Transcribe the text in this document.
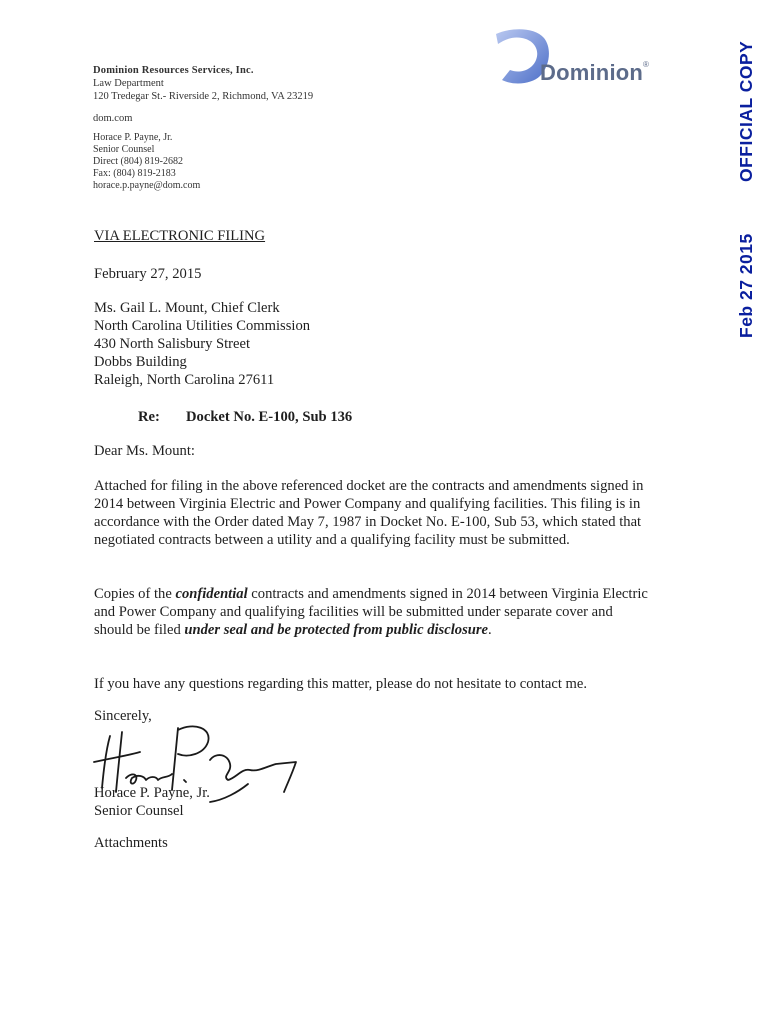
Dominion Resources Services, Inc.
Law Department
120 Tredegar St.- Riverside 2, Richmond, VA 23219
dom.com
Horace P. Payne, Jr.
Senior Counsel
Direct (804) 819-2682
Fax: (804) 819-2183
horace.p.payne@dom.com
Dominion®	OFFICIAL COPY
Feb 27 2015
VIA ELECTRONIC FILING
February 27, 2015
Ms. Gail L. Mount, Chief Clerk
North Carolina Utilities Commission
430 North Salisbury Street
Dobbs Building
Raleigh, North Carolina 27611
Re: Docket No. E-100, Sub 136
Dear Ms. Mount:
Attached for filing in the above referenced docket are the contracts and amendments signed in 2014 between Virginia Electric and Power Company and qualifying facilities. This filing is in accordance with the Order dated May 7, 1987 in Docket No. E-100, Sub 53, which stated that negotiated contracts between a utility and a qualifying facility must be submitted.
Copies of the confidential contracts and amendments signed in 2014 between Virginia Electric and Power Company and qualifying facilities will be submitted under separate cover and should be filed under seal and be protected from public disclosure.
If you have any questions regarding this matter, please do not hesitate to contact me.
Sincerely,
Horace P. Payne, Jr.
Senior Counsel
Attachments
